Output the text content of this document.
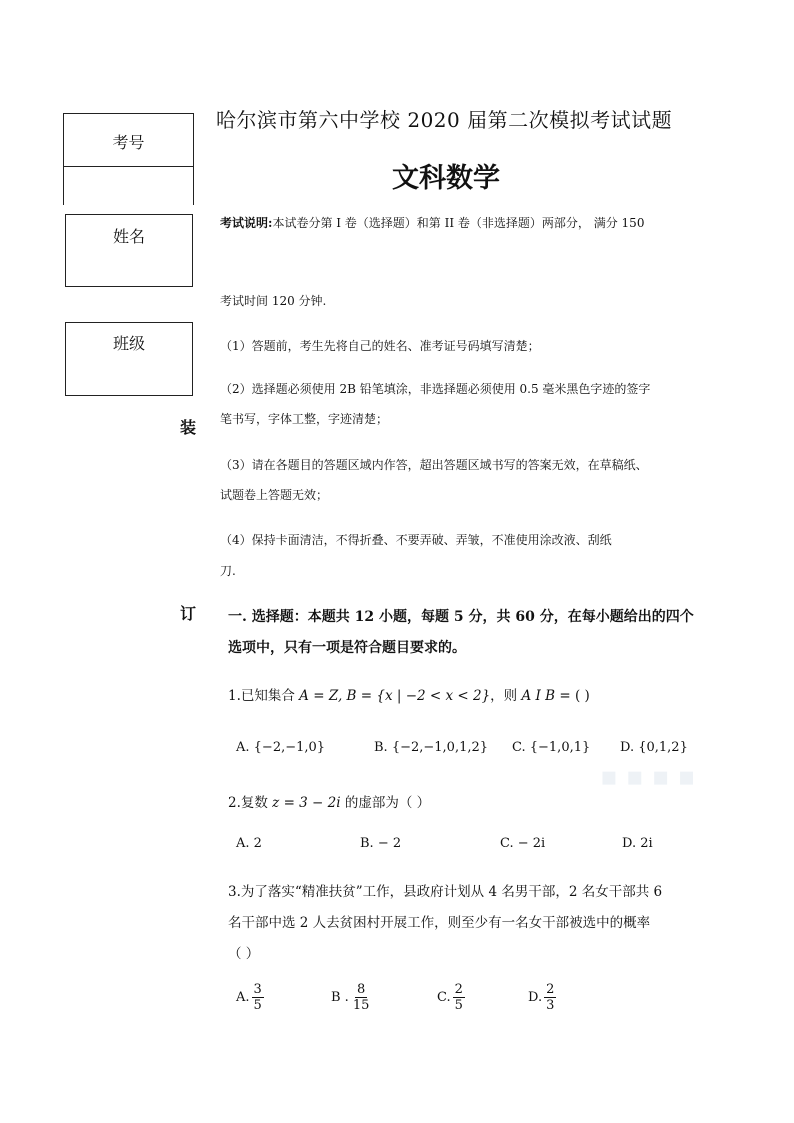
考号
姓名
班级
装
订
哈尔滨市第六中学校 2020 届第二次模拟考试试题
文科数学
考试说明:本试卷分第 I 卷（选择题）和第 II 卷（非选择题）两部分， 满分 150
考试时间 120 分钟.
（1）答题前，考生先将自己的姓名、准考证号码填写清楚；
（2）选择题必须使用 2B 铅笔填涂，非选择题必须使用 0.5 毫米黑色字迹的签字
笔书写，字体工整，字迹清楚；
（3）请在各题目的答题区域内作答，超出答题区域书写的答案无效，在草稿纸、
试题卷上答题无效；
（4）保持卡面清洁，不得折叠、不要弄破、弄皱，不准使用涂改液、刮纸
刀.
一. 选择题：本题共 12 小题，每题 5 分，共 60 分，在每小题给出的四个
选项中，只有一项是符合题目要求的。
1.已知集合 A = Z, B = {x | −2 < x < 2}，则 A I B = ( )
A. {−2,−1,0}	B. {−2,−1,0,1,2} C. {−1,0,1} D. {0,1,2}
▪ ▪ ▪ ▪
2.复数 z = 3 − 2i 的虚部为（ ）
A. 2	B. − 2	C. − 2i	D. 2i
3.为了落实“精准扶贫”工作，县政府计划从 4 名男干部，2 名女干部共 6
名干部中选 2 人去贫困村开展工作，则至少有一名女干部被选中的概率
（ ）
A. $\frac{3}{5}$	B . $\frac{8}{15}$	C. $\frac{2}{5}$	D. $\frac{2}{3}$
